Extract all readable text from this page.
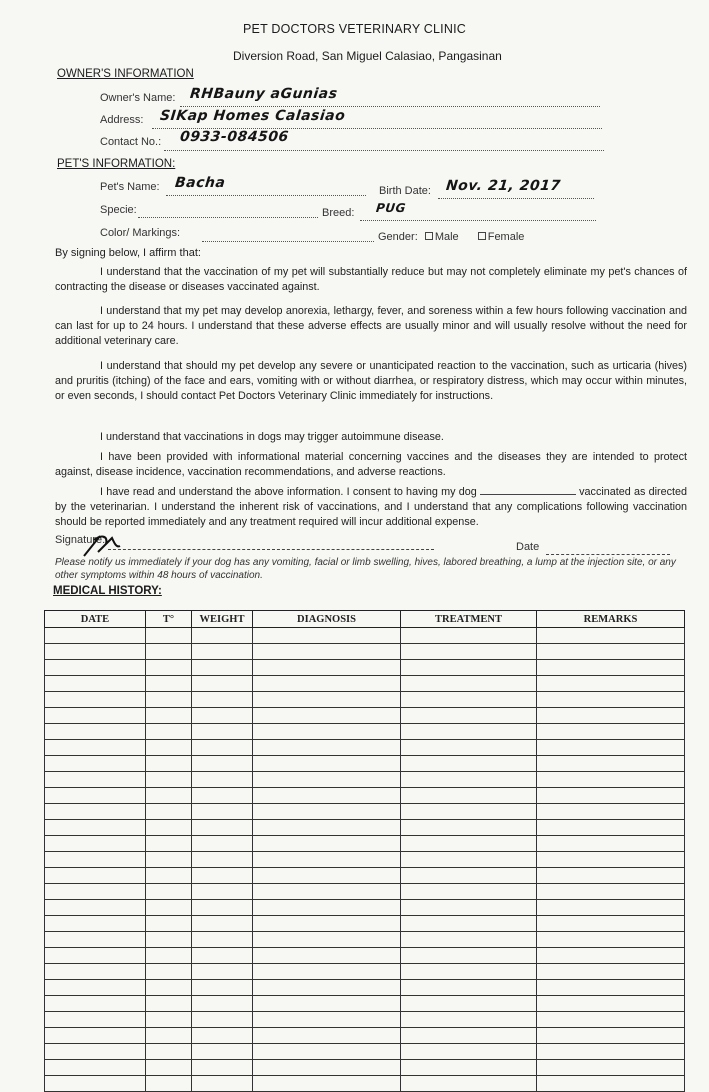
PET DOCTORS VETERINARY CLINIC
Diversion Road, San Miguel Calasiao, Pangasinan
OWNER'S INFORMATION
Owner's Name: RHBauny aGunias
Address: SIKap Homes Calasiao
Contact No.: 0933-084506
PET'S INFORMATION:
Pet's Name: Bacha	Birth Date: Nov. 21, 2017
Specie:	Breed: PUG
Color/ Markings:	Gender: Male	Female
By signing below, I affirm that:

I understand that the vaccination of my pet will substantially reduce but may not completely eliminate my pet's chances of contracting the disease or diseases vaccinated against.

I understand that my pet may develop anorexia, lethargy, fever, and soreness within a few hours following vaccination and can last for up to 24 hours. I understand that these adverse effects are usually minor and will usually resolve without the need for additional veterinary care.

I understand that should my pet develop any severe or unanticipated reaction to the vaccination, such as urticaria (hives) and pruritis (itching) of the face and ears, vomiting with or without diarrhea, or respiratory distress, which may occur within minutes, or even seconds, I should contact Pet Doctors Veterinary Clinic immediately for instructions.

I understand that vaccinations in dogs may trigger autoimmune disease.

I have been provided with informational material concerning vaccines and the diseases they are intended to protect against, disease incidence, vaccination recommendations, and adverse reactions.

I have read and understand the above information. I consent to having my dog	vaccinated as directed by the veterinarian. I understand the inherent risk of vaccinations, and I understand that any complications following vaccination should be reported immediately and any treatment required will incur additional expense.

Signature:
Date
Please notify us immediately if your dog has any vomiting, facial or limb swelling, hives, labored breathing, a lump at the injection site, or any other symptoms within 48 hours of vaccination.
MEDICAL HISTORY:
DATE	T°	WEIGHT	DIAGNOSIS	TREATMENT	REMARKS
